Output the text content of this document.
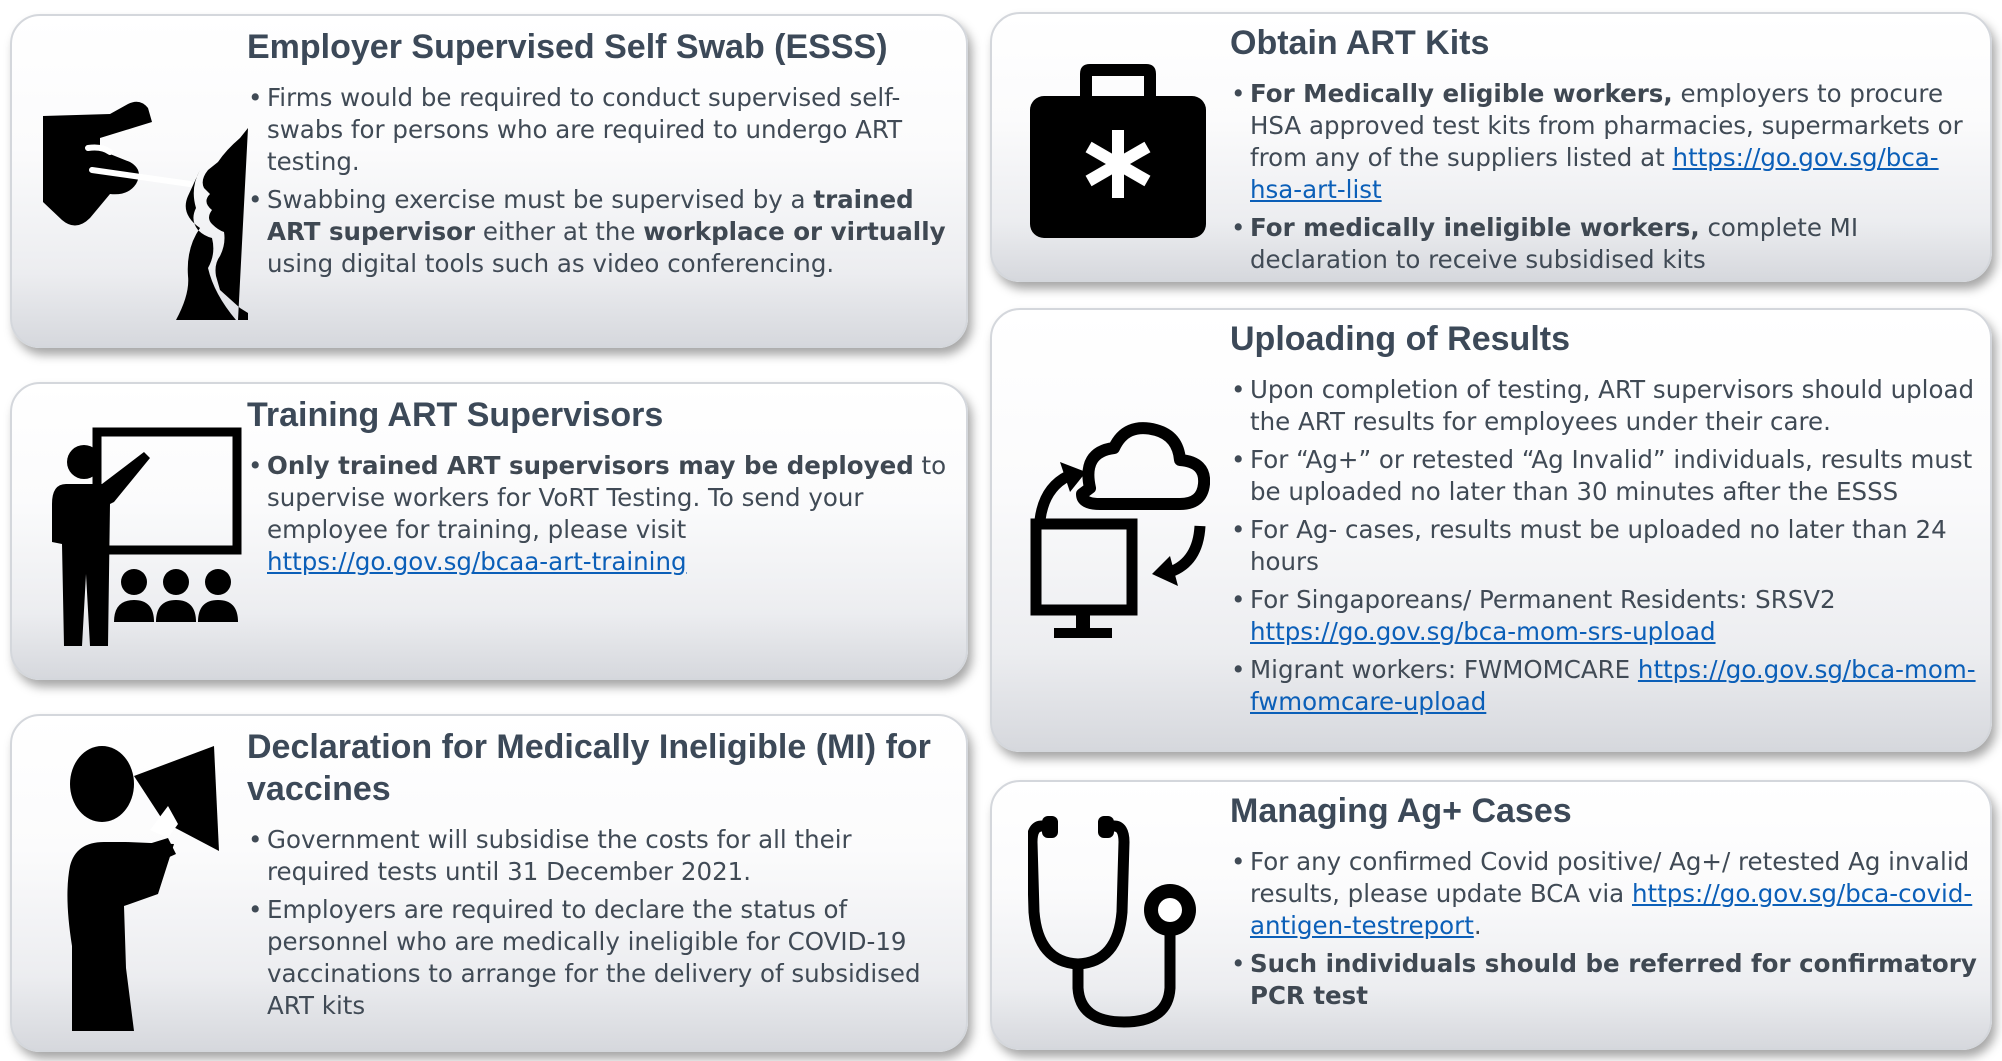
Employer Supervised Self Swab (ESSS)
• Firms would be required to conduct supervised self-swabs for persons who are required to undergo ART testing.
• Swabbing exercise must be supervised by a trained ART supervisor either at the workplace or virtually using digital tools such as video conferencing.
Training ART Supervisors
• Only trained ART supervisors may be deployed to supervise workers for VoRT Testing. To send your employee for training, please visit https://go.gov.sg/bcaa-art-training
Declaration for Medically Ineligible (MI) for vaccines
• Government will subsidise the costs for all their required tests until 31 December 2021.
• Employers are required to declare the status of personnel who are medically ineligible for COVID-19 vaccinations to arrange for the delivery of subsidised ART kits
Obtain ART Kits
• For Medically eligible workers, employers to procure HSA approved test kits from pharmacies, supermarkets or from any of the suppliers listed at https://go.gov.sg/bca-hsa-art-list
• For medically ineligible workers, complete MI declaration to receive subsidised kits
Uploading of Results
• Upon completion of testing, ART supervisors should upload the ART results for employees under their care.
• For “Ag+” or retested “Ag Invalid” individuals, results must be uploaded no later than 30 minutes after the ESSS
• For Ag- cases, results must be uploaded no later than 24 hours
• For Singaporeans/ Permanent Residents: SRSV2
https://go.gov.sg/bca-mom-srs-upload
• Migrant workers: FWMOMCARE https://go.gov.sg/bca-mom-fwmomcare-upload
Managing Ag+ Cases
• For any confirmed Covid positive/ Ag+/ retested Ag invalid results, please update BCA via https://go.gov.sg/bca-covid-antigen-testreport.
• Such individuals should be referred for confirmatory PCR test
